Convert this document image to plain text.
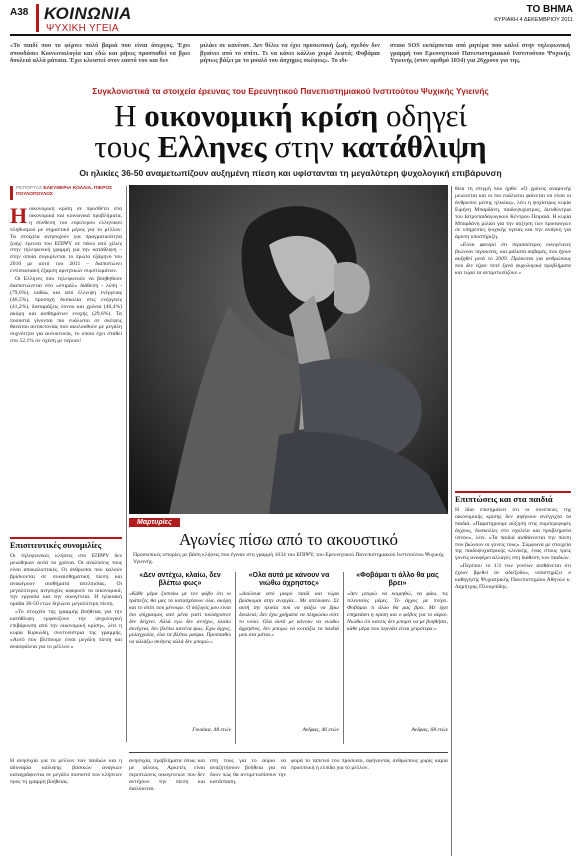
A38 ΚΟΙΝΩΝΙΑ
ΨΥΧΙΚΗ ΥΓΕΙΑ
ΤΟ ΒΗΜΑ
ΚΥΡΙΑΚΗ 4 ΔΕΚΕΜΒΡΙΟΥ 2011
«Το παιδί που το φέρνει πολύ βαριά που είναι άνεργος. Έχει σπουδάσει Κοινωνιολογία και εδώ και μήνες προσπαθεί να βρει δουλειά αλλά μάταια. Έχει κλειστεί στον εαυτό του και δεν
μιλάει σε κανέναν. Δεν θέλει να έχει προσωπική ζωή, σχεδόν δεν βγαίνει από το σπίτι. Τι να κάνει κάλλιο χειρό λεφτά; Φοβάμαι μήπως βάζει με το μυαλό του άσχημες σκέψεις». Το ιδι-
σταιο SOS εκπέμπεται από μητέρα που καλεί στην τηλεφωνική γραμμή του Ερευνητικού Πανεπιστημιακού Ινστιτούτου Ψυχικής Υγιεινής (στον αριθμό 1034) για 26χρονο γιο της.
Συγκλονιστικά τα στοιχεία έρευνας του Ερευνητικού Πανεπιστημιακού Ινστιτούτου Ψυχικής Υγιεινής
Η οικονομική κρίση οδηγεί
τους Ελληνες στην κατάθλιψη
Οι ηλικίες 36-50 αναμετωπίζουν αυξημένη πίεση και υφίστανται τη μεγαλύτερη ψυχολογική επιβάρυνση
ΡΕΠΟΡΤΑΖ ΕΛΕΥΘΕΡΙΑ ΚΟΛΛΙΑ, ΠΙΕΡΟΣ ΠΟΥΛΟΠΟΥΛΟΣ
Η οικονομική κρίση σε προσθέτει στα οικονομικά και κοινωνικά προβλήματα, η σύνθεση του ευρύτερου ελληνικού πληθυσμού με σημαντικό μέρος για το μέλλον. Τα στοιχεία ανησυχούν για πραγματικότητα ζωής: έρευνα του ΕΠΙΨΥ σε πάνω από χίλιες στην τηλεφωνική γραμμή για την κατάθλιψη – στην οποία συγκρίνεται το πρώτο εξάμηνο του 2010 με αυτό του 2011 – διαπιστώνει εντυπωσιακή έξαρση αρνητικών συμπτωμάτων.

Οι Ελληνες που τηλεφωνούν να βοηθηθούν διαπιστώνεται στο «σπιράλ» διάθεση - λύπη - (79,6%), καθώς και από έλλειψη ενέργειας (46,5%), προσοχή δυσκολία στις ενέργειες (41,2%), διαταράξεις ύπνου και χρόνια (40,4%) ακόμη και αισθημάτων ενοχής (29,6%). Τα ποσοστά γίνονται πιο ευάλωτοι σε σκέψεις θανάτου αυτοκτονίας που ακολουθούν με μεγάλη συχνότητα για αυτοκτονία, το οποίο έχει σταθεί στο 52,1% σε σχέση με πέρυσι!

Επισιτευτικές συνομιλίες

Οι τηλεφωνικές κλήσεις στο ΕΠΙΨΥ δεν μειώθηκαν αυτά τα χρόνια. Οι αναλύσεις τους είναι αποκαλυπτικές. Οι άνθρωποι που καλούν βρίσκονται σε συναισθηματική πίεση και αναφέρουν αισθήματα απελπισίας. Οι μεγαλύτερες ανησυχίες αφορούν τα οικονομικά, την εργασία και την οικογένεια. Η ηλικιακή ομάδα 36-50 ετών δηλώνει μεγαλύτερη πίεση.

«Το στοιχείο της γραμμής βοήθειας για την κατάθλιψη εμφανίζουν την ψυχολογική επιβάρυνση από την οικονομική κρίση», λέει η κυρία Κιρκώδη, συντονίστρια της γραμμής. «Αυτό που βλέπουμε είναι μεγάλη πίεση και ανασφάλεια για το μέλλον.»

θεια τη στιγμή που ήρθε: «Ο χρόνος αναμονής μειώνεται και οι πιο ευάλωτοι φαίνεται να είναι οι άνθρωποι μέσης ηλικίας», λέει η ψυχίατρος κυρία Ειρήνη Μπαρδάνη, παιδοψυχίατρος, διευθύντρια του Ιατροπαιδαγωγικού Κέντρου Πειραιά. Η κυρία Μπαρδάνη μιλάει για την αύξηση των προσφυγών σε υπηρεσίες ψυχικής υγείας και την ανάγκη για άμεση υποστήριξη.

«Είναι φανερό ότι περισσότερες οικογένειες βιώνουν περικοπές, και μάλιστα σοβαρές, που έχουν αυξηθεί μετά το 2009. Πρόκειται για ανθρώπους που δεν είχαν ποτέ ξανά ψυχολογικά προβλήματα και τώρα τα αντιμετωπίζουν.»

Επιπτώσεις και στα παιδιά

Η ίδια επισημαίνει ότι οι συνέπειες της οικονομικής κρίσης δεν αφήνουν ανέγγιχτα τα παιδιά. «Παρατηρούμε αύξηση στις συμπεριφορές άγχους, δυσκολίες στο σχολείο και προβλήματα ύπνου», λέει. «Τα παιδιά αισθάνονται την πίεση που βιώνουν οι γονείς τους». Σύμφωνα με στοιχεία της παιδοψυχιατρικής κλινικής, ένας στους τρεις γονείς αναφέρει αλλαγές στη διάθεση των παιδιών.

«Περίπου το 1/3 των γονέων αισθάνεται ότι έχουν βρεθεί σε αδιέξοδο», υποστηρίζει ο καθηγητής Ψυχιατρικής Πανεπιστημίου Αθηνών κ. Δημήτρης Πλουμπίδης.

Μαρτυρίες
Αγωνίες πίσω από το ακουστικό
Προσωπικές ιστορίες με βάση κλήσεις που έγιναν στη γραμμή 1034 του ΕΠΙΨΥ, του Ερευνητικού Πανεπιστημιακού Ινστιτούτου Ψυχικής Υγιεινής.
«Δεν αντέχω, κλαίω, δεν βλέπω φως»
«Κάθε μέρα ξυπνάω με τον φόβο ότι οι τράπεζες θα μας τα κατασχέσουν όλα, ακόμη και το σπίτι που μένουμε. Ο σύζυγός μου είναι πιο ψύχραιμος από μένα γιατί τουλάχιστον δεν δείχνει. Αλλά εγώ δεν αντέχω, κλαίω συνέχεια, δεν βλέπω κανένα φως. Εχω άγχος, μελαγχολία, όλα τα βλέπω μαύρα. Προσπαθώ να αλλάξω σκέψεις αλλά δεν μπορώ.»
Γυναίκα, 48 ετών
«Ολα αυτά με κάνουν να νιώθω άχρηστος»
«Δούλευα από μικρό παιδί και τώρα βρίσκομαι στην ανεργία... Με απέλυσαν. Σε αυτή την ηλικία πού να ψάξω να βρω δουλειά; Δεν έχω χρήματα να πληρώσω ούτε το νοίκι. Ολα αυτά με κάνουν να νιώθω άχρηστος, δεν μπορώ να κοιτάξω τα παιδιά μου στα μάτια.»
Ανδρας, 46 ετών
«Φοβάμαι τι άλλο θα μας βρει»
«Δεν μπορώ να κοιμηθώ, να φάω, τις τελευταίες μέρες. Το άγχος με πνίγει. Φοβάμαι τι άλλο θα μας βρει. Με έχει επηρεάσει η κρίση και ο φόβος για το αύριο. Νιώθω ότι κανείς δεν μπορεί να με βοηθήσει, κάθε μέρα που περνάει είναι χειρότερα.»
Ανδρας, 68 ετών
Η ανησυχία για το μέλλον των παιδιών και η αδυναμία κάλυψης βασικών αναγκών καταγράφονται σε μεγάλο ποσοστό των κλήσεων προς τη γραμμή βοήθειας.
ανησυχία, προβλήματα όπως και με φίλους. Αρκετές είναι περιπτώσεις οικογενειών που δεν αντέχουν την πίεση και διαλύονται.
στη τους για το αύριο να αναζητήσουν βοήθεια για να δουν πώς θα αντιμετωπίσουν την κατάσταση.
φορά το ταπεινό του πρόσωπο, αφήνοντας ανθρώπους χωρίς καμία προοπτική ή ελπίδα για το μέλλον.
